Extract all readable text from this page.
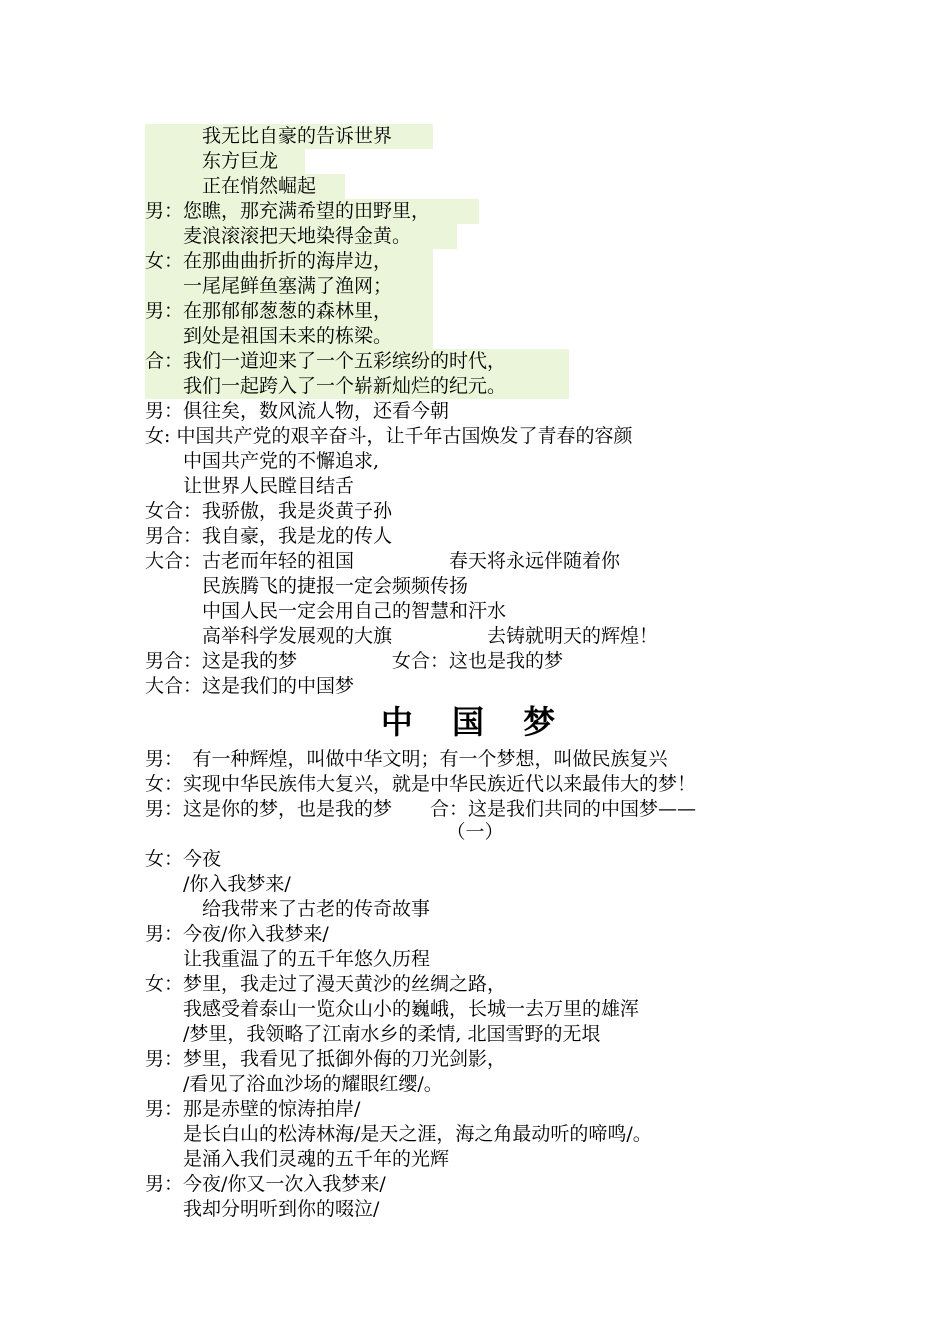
　　　我无比自豪的告诉世界
　　　东方巨龙
　　　正在悄然崛起
男：您瞧，那充满希望的田野里，
　　麦浪滚滚把天地染得金黄。
女：在那曲曲折折的海岸边，
　　一尾尾鲜鱼塞满了渔网；
男：在那郁郁葱葱的森林里，
　　到处是祖国未来的栋梁。
合：我们一道迎来了一个五彩缤纷的时代，
　　我们一起跨入了一个崭新灿烂的纪元。
男：俱往矣，数风流人物，还看今朝
女: 中国共产党的艰辛奋斗，让千年古国焕发了青春的容颜
　　中国共产党的不懈追求,
　　让世界人民瞠目结舌
女合：我骄傲，我是炎黄子孙
男合：我自豪，我是龙的传人
大合：古老而年轻的祖国　　　　　春天将永远伴随着你
　　　民族腾飞的捷报一定会频频传扬
　　　中国人民一定会用自己的智慧和汗水
　　　高举科学发展观的大旗　　　　　去铸就明天的辉煌！
男合：这是我的梦　　　　　女合：这也是我的梦
大合：这是我们的中国梦
中 国 梦
男：　有一种辉煌，叫做中华文明；有一个梦想，叫做民族复兴
女：实现中华民族伟大复兴，就是中华民族近代以来最伟大的梦！
男：这是你的梦，也是我的梦　　合：这是我们共同的中国梦——
（一）
女：今夜
　　/你入我梦来/
　　　给我带来了古老的传奇故事
男：今夜/你入我梦来/
　　让我重温了的五千年悠久历程
女：梦里，我走过了漫天黄沙的丝绸之路，
　　我感受着泰山一览众山小的巍峨，长城一去万里的雄浑
　　/梦里，我领略了江南水乡的柔情, 北国雪野的无垠
男：梦里，我看见了抵御外侮的刀光剑影，
　　/看见了浴血沙场的耀眼红缨/。
男：那是赤壁的惊涛拍岸/
　　是长白山的松涛林海/是天之涯，海之角最动听的啼鸣/。
　　是涌入我们灵魂的五千年的光辉
男：今夜/你又一次入我梦来/
　　我却分明听到你的啜泣/
